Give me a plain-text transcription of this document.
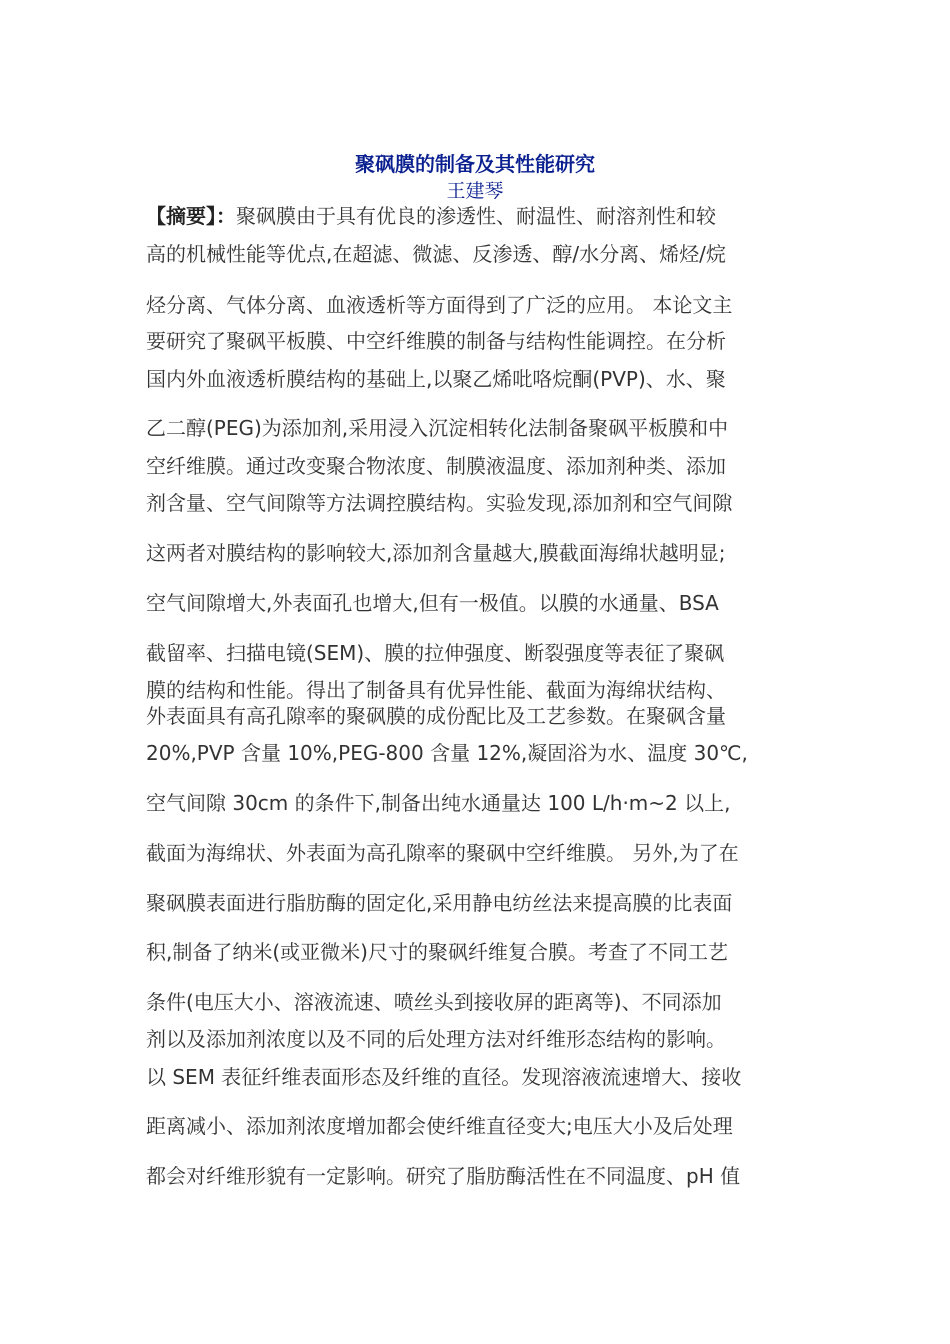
聚砜膜的制备及其性能研究
王建琴
【摘要】：聚砜膜由于具有优良的渗透性、耐温性、耐溶剂性和较
高的机械性能等优点,在超滤、微滤、反渗透、醇/水分离、烯烃/烷
烃分离、气体分离、血液透析等方面得到了广泛的应用。 本论文主
要研究了聚砜平板膜、中空纤维膜的制备与结构性能调控。在分析
国内外血液透析膜结构的基础上,以聚乙烯吡咯烷酮(PVP)、水、聚
乙二醇(PEG)为添加剂,采用浸入沉淀相转化法制备聚砜平板膜和中
空纤维膜。通过改变聚合物浓度、制膜液温度、添加剂种类、添加
剂含量、空气间隙等方法调控膜结构。实验发现,添加剂和空气间隙
这两者对膜结构的影响较大,添加剂含量越大,膜截面海绵状越明显;
空气间隙增大,外表面孔也增大,但有一极值。以膜的水通量、BSA
截留率、扫描电镜(SEM)、膜的拉伸强度、断裂强度等表征了聚砜
膜的结构和性能。得出了制备具有优异性能、截面为海绵状结构、
外表面具有高孔隙率的聚砜膜的成份配比及工艺参数。在聚砜含量
20%,PVP 含量 10%,PEG-800 含量 12%,凝固浴为水、温度 30℃,
空气间隙 30cm 的条件下,制备出纯水通量达 100 L/h·m~2 以上,
截面为海绵状、外表面为高孔隙率的聚砜中空纤维膜。 另外,为了在
聚砜膜表面进行脂肪酶的固定化,采用静电纺丝法来提高膜的比表面
积,制备了纳米(或亚微米)尺寸的聚砜纤维复合膜。考查了不同工艺
条件(电压大小、溶液流速、喷丝头到接收屏的距离等)、不同添加
剂以及添加剂浓度以及不同的后处理方法对纤维形态结构的影响。
以 SEM 表征纤维表面形态及纤维的直径。发现溶液流速增大、接收
距离减小、添加剂浓度增加都会使纤维直径变大;电压大小及后处理
都会对纤维形貌有一定影响。研究了脂肪酶活性在不同温度、pH 值
